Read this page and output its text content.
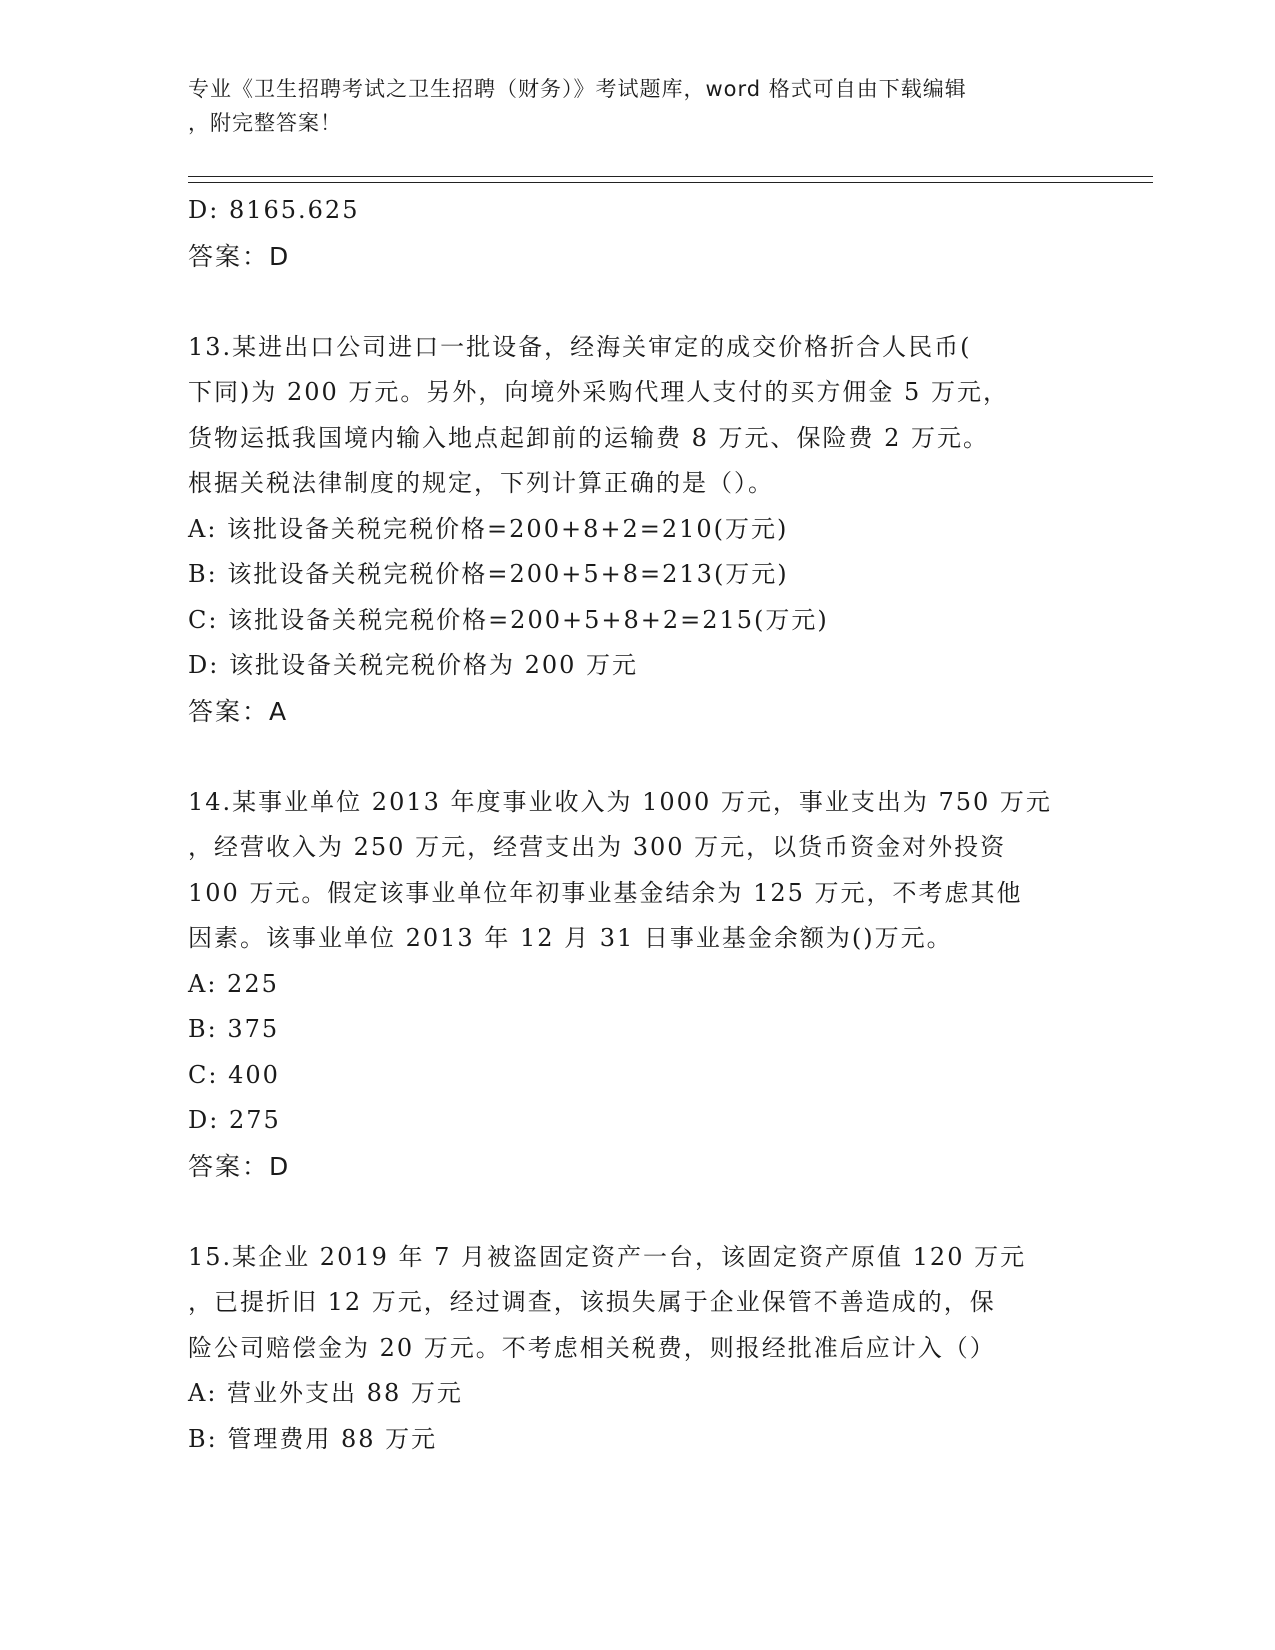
专业《卫生招聘考试之卫生招聘（财务）》考试题库，word 格式可自由下载编辑
，附完整答案！
D: 8165.625
答案：D
13.某进出口公司进口一批设备，经海关审定的成交价格折合人民币(
下同)为 200 万元。另外，向境外采购代理人支付的买方佣金 5 万元，
货物运抵我国境内输入地点起卸前的运输费 8 万元、保险费 2 万元。
根据关税法律制度的规定，下列计算正确的是（）。
A: 该批设备关税完税价格=200+8+2=210(万元)
B: 该批设备关税完税价格=200+5+8=213(万元)
C: 该批设备关税完税价格=200+5+8+2=215(万元)
D: 该批设备关税完税价格为 200 万元
答案：A
14.某事业单位 2013 年度事业收入为 1000 万元，事业支出为 750 万元
，经营收入为 250 万元，经营支出为 300 万元，以货币资金对外投资
100 万元。假定该事业单位年初事业基金结余为 125 万元，不考虑其他
因素。该事业单位 2013 年 12 月 31 日事业基金余额为()万元。
A: 225
B: 375
C: 400
D: 275
答案：D
15.某企业 2019 年 7 月被盗固定资产一台，该固定资产原值 120 万元
，已提折旧 12 万元，经过调查，该损失属于企业保管不善造成的，保
险公司赔偿金为 20 万元。不考虑相关税费，则报经批准后应计入（）
A: 营业外支出 88 万元
B: 管理费用 88 万元
